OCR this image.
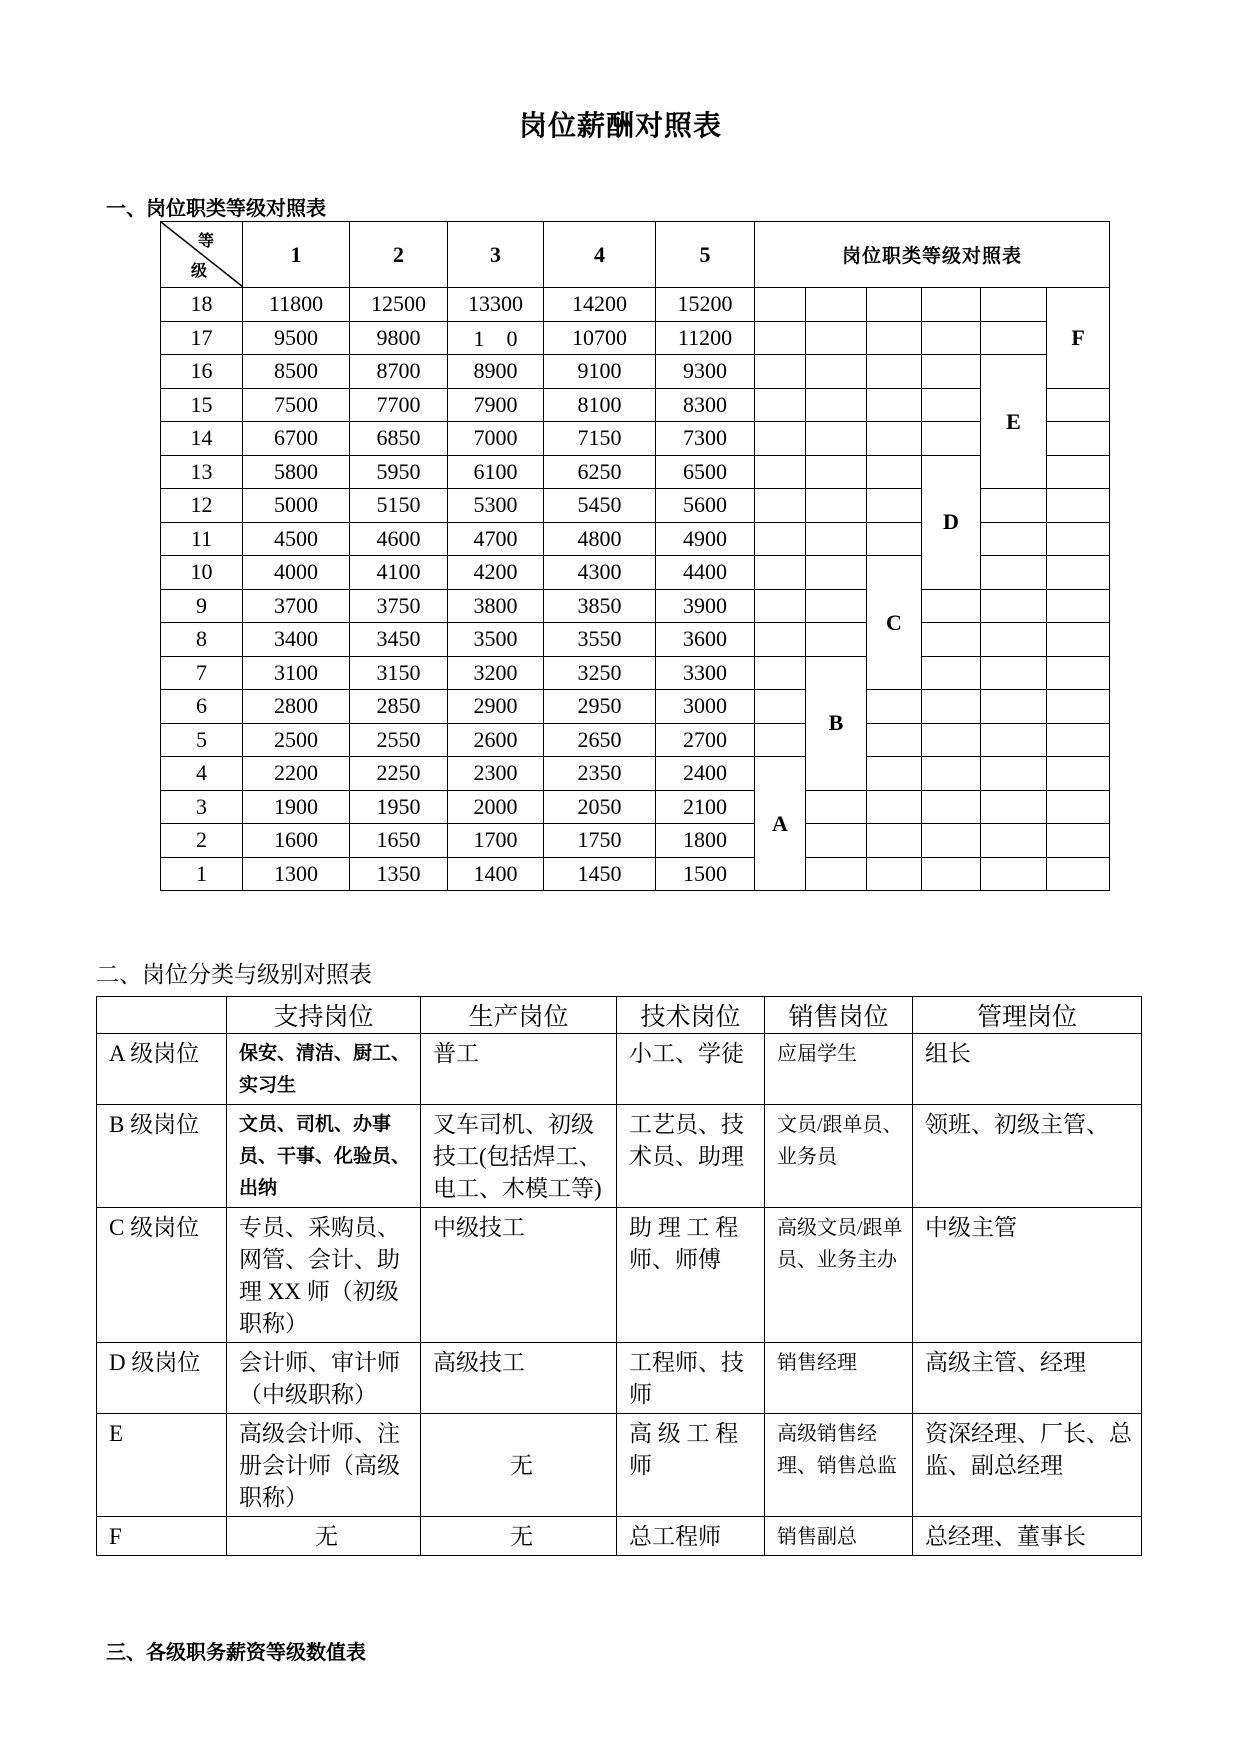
岗位薪酬对照表
一、岗位职类等级对照表
等
级	1	2	3	4	5	岗位职类等级对照表					
18	11800	12500	13300	14200	15200						F
17	9500	9800	1　0	10700	11200						
16	8500	8700	8900	9100	9300					E	
15	7500	7700	7900	8100	8300						
14	6700	6850	7000	7150	7300						
13	5800	5950	6100	6250	6500				D		
12	5000	5150	5300	5450	5600						
11	4500	4600	4700	4800	4900						
10	4000	4100	4200	4300	4400			C			
9	3700	3750	3800	3850	3900						
8	3400	3450	3500	3550	3600						
7	3100	3150	3200	3250	3300		B				
6	2800	2850	2900	2950	3000						
5	2500	2550	2600	2650	2700						
4	2200	2250	2300	2350	2400	A					
3	1900	1950	2000	2050	2100						
2	1600	1650	1700	1750	1800						
1	1300	1350	1400	1450	1500						
二、岗位分类与级别对照表
	支持岗位	生产岗位	技术岗位	销售岗位	管理岗位
A 级岗位	保安、清洁、厨工、实习生	普工	小工、学徒	应届学生	组长
B 级岗位	文员、司机、办事员、干事、化验员、出纳	叉车司机、初级技工(包括焊工、电工、木模工等)	工艺员、技术员、助理	文员/跟单员、业务员	领班、初级主管、
C 级岗位	专员、采购员、网管、会计、助理 XX 师（初级职称）	中级技工	助 理 工 程 师、师傅	高级文员/跟单员、业务主办	中级主管
D 级岗位	会计师、审计师（中级职称）	高级技工	工程师、技师	销售经理	高级主管、经理
E	高级会计师、注册会计师（高级职称）	无	高 级 工 程 师	高级销售经理、销售总监	资深经理、厂长、总监、副总经理
F	无	无	总工程师	销售副总	总经理、董事长
三、各级职务薪资等级数值表
